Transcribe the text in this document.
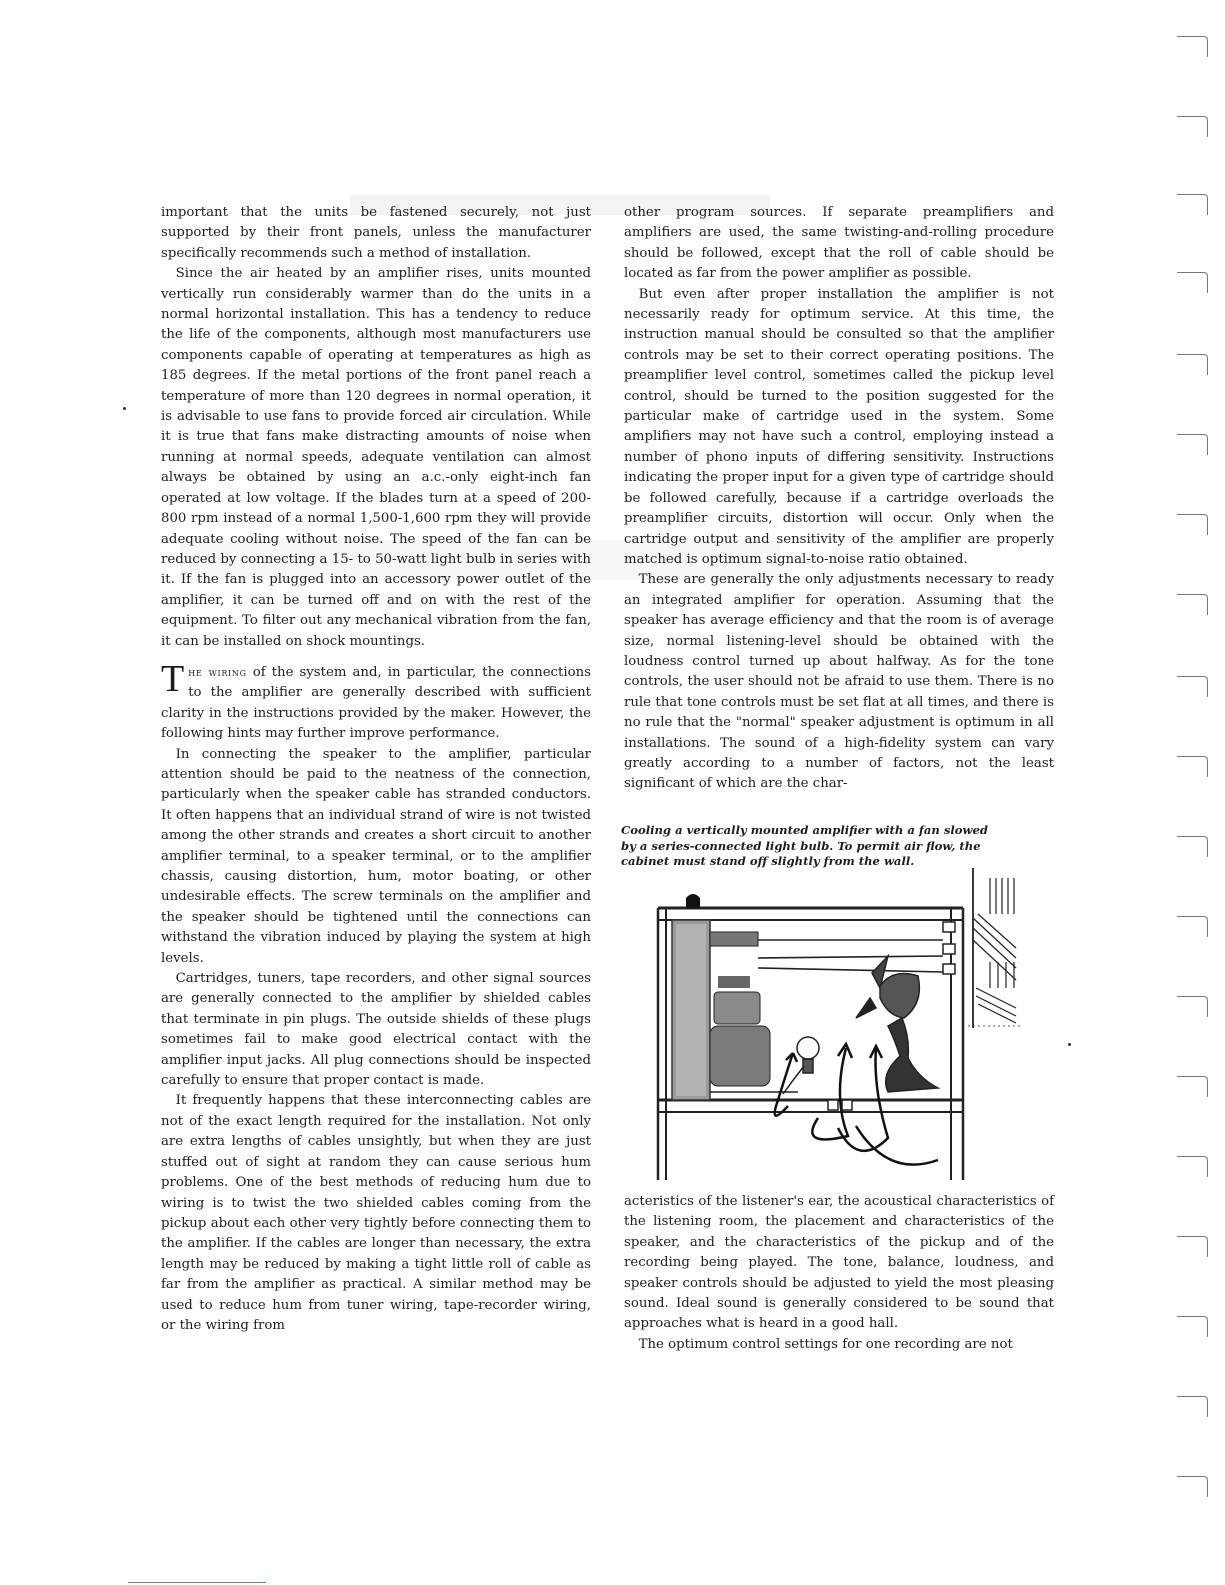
important that the units be fastened securely, not just supported by their front panels, unless the manufacturer specifically recommends such a method of installation.

Since the air heated by an amplifier rises, units mounted vertically run considerably warmer than do the units in a normal horizontal installation. This has a tendency to reduce the life of the components, although most manufacturers use components capable of operating at temperatures as high as 185 degrees. If the metal portions of the front panel reach a temperature of more than 120 degrees in normal operation, it is advisable to use fans to provide forced air circulation. While it is true that fans make distracting amounts of noise when running at normal speeds, adequate ventilation can almost always be obtained by using an a.c.-only eight-inch fan operated at low voltage. If the blades turn at a speed of 200-800 rpm instead of a normal 1,500-1,600 rpm they will provide adequate cooling without noise. The speed of the fan can be reduced by connecting a 15- to 50-watt light bulb in series with it. If the fan is plugged into an accessory power outlet of the amplifier, it can be turned off and on with the rest of the equipment. To filter out any mechanical vibration from the fan, it can be installed on shock mountings.

The wiring of the system and, in particular, the connections to the amplifier are generally described with sufficient clarity in the instructions provided by the maker. However, the following hints may further improve performance.

In connecting the speaker to the amplifier, particular attention should be paid to the neatness of the connection, particularly when the speaker cable has stranded conductors. It often happens that an individual strand of wire is not twisted among the other strands and creates a short circuit to another amplifier terminal, to a speaker terminal, or to the amplifier chassis, causing distortion, hum, motor boating, or other undesirable effects. The screw terminals on the amplifier and the speaker should be tightened until the connections can withstand the vibration induced by playing the system at high levels.

Cartridges, tuners, tape recorders, and other signal sources are generally connected to the amplifier by shielded cables that terminate in pin plugs. The outside shields of these plugs sometimes fail to make good electrical contact with the amplifier input jacks. All plug connections should be inspected carefully to ensure that proper contact is made.

It frequently happens that these interconnecting cables are not of the exact length required for the installation. Not only are extra lengths of cables unsightly, but when they are just stuffed out of sight at random they can cause serious hum problems. One of the best methods of reducing hum due to wiring is to twist the two shielded cables coming from the pickup about each other very tightly before connecting them to the amplifier. If the cables are longer than necessary, the extra length may be reduced by making a tight little roll of cable as far from the amplifier as practical. A similar method may be used to reduce hum from tuner wiring, tape-recorder wiring, or the wiring from

other program sources. If separate preamplifiers and amplifiers are used, the same twisting-and-rolling procedure should be followed, except that the roll of cable should be located as far from the power amplifier as possible.

But even after proper installation the amplifier is not necessarily ready for optimum service. At this time, the instruction manual should be consulted so that the amplifier controls may be set to their correct operating positions. The preamplifier level control, sometimes called the pickup level control, should be turned to the position suggested for the particular make of cartridge used in the system. Some amplifiers may not have such a control, employing instead a number of phono inputs of differing sensitivity. Instructions indicating the proper input for a given type of cartridge should be followed carefully, because if a cartridge overloads the preamplifier circuits, distortion will occur. Only when the cartridge output and sensitivity of the amplifier are properly matched is optimum signal-to-noise ratio obtained.

These are generally the only adjustments necessary to ready an integrated amplifier for operation. Assuming that the speaker has average efficiency and that the room is of average size, normal listening-level should be obtained with the loudness control turned up about halfway. As for the tone controls, the user should not be afraid to use them. There is no rule that tone controls must be set flat at all times, and there is no rule that the "normal" speaker adjustment is optimum in all installations. The sound of a high-fidelity system can vary greatly according to a number of factors, not the least significant of which are the char-

Cooling a vertically mounted amplifier with a fan slowed by a series-connected light bulb. To permit air flow, the cabinet must stand off slightly from the wall.

acteristics of the listener's ear, the acoustical characteristics of the listening room, the placement and characteristics of the speaker, and the characteristics of the pickup and of the recording being played. The tone, balance, loudness, and speaker controls should be adjusted to yield the most pleasing sound. Ideal sound is generally considered to be sound that approaches what is heard in a good hall.

The optimum control settings for one recording are not
